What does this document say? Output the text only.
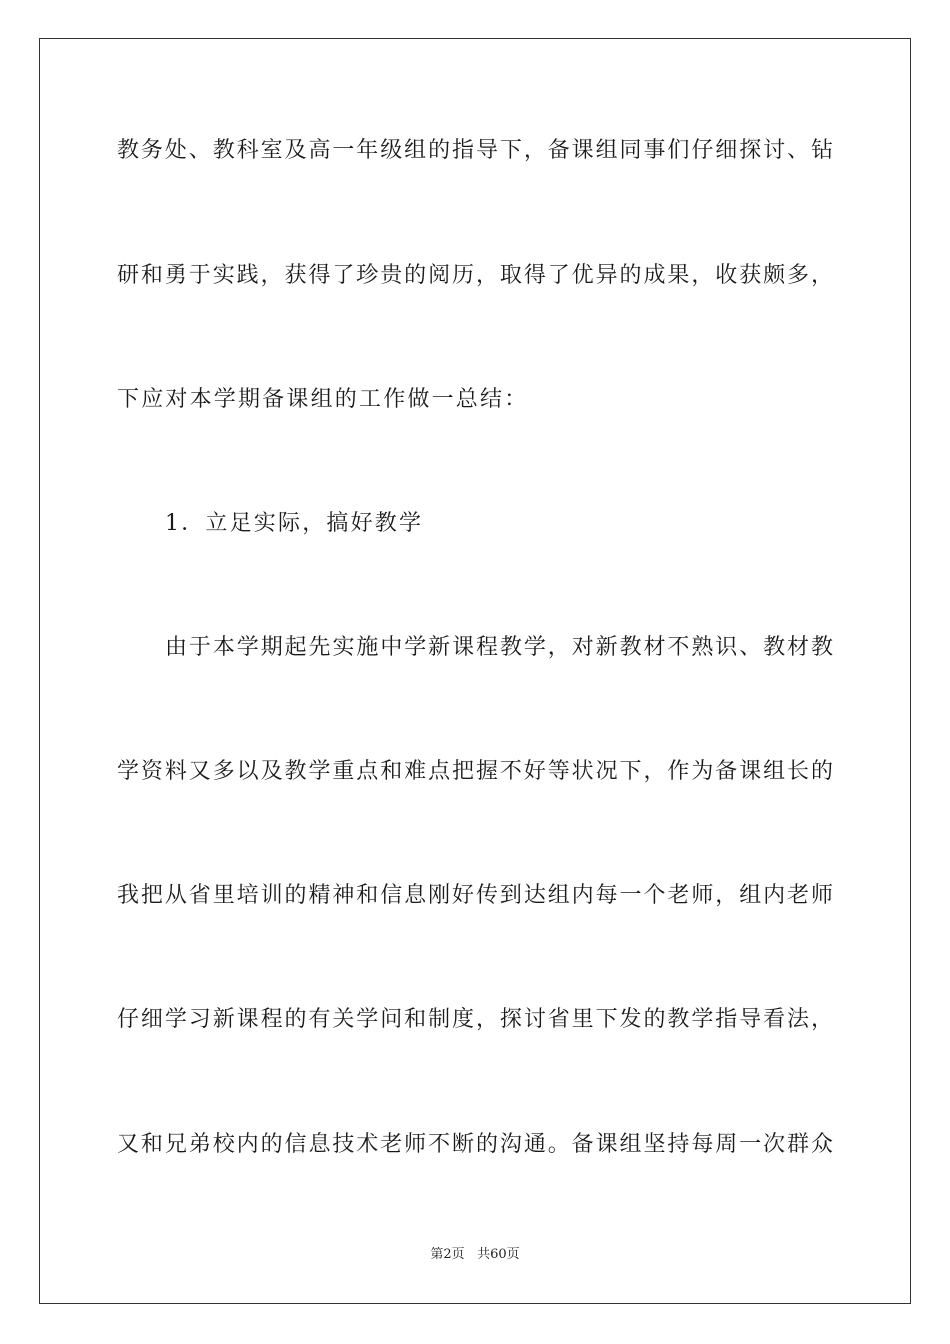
教务处、教科室及高一年级组的指导下，备课组同事们仔细探讨、钻
研和勇于实践，获得了珍贵的阅历，取得了优异的成果，收获颇多，
下应对本学期备课组的工作做一总结：
1．立足实际，搞好教学
由于本学期起先实施中学新课程教学，对新教材不熟识、教材教
学资料又多以及教学重点和难点把握不好等状况下，作为备课组长的
我把从省里培训的精神和信息刚好传到达组内每一个老师，组内老师
仔细学习新课程的有关学问和制度，探讨省里下发的教学指导看法，
又和兄弟校内的信息技术老师不断的沟通。备课组坚持每周一次群众
第2页 共60页
